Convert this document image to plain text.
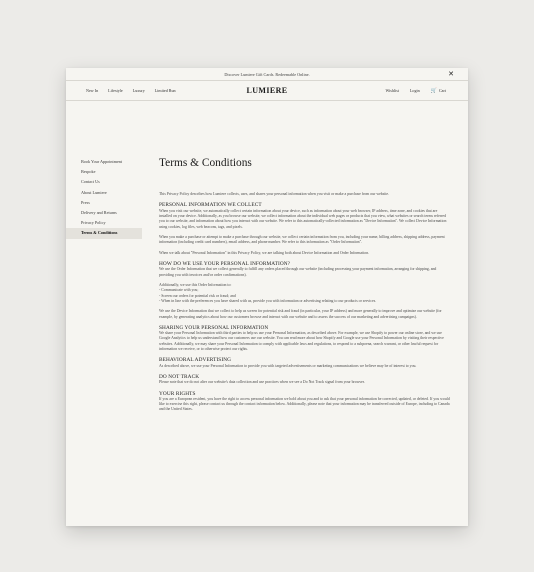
Discover Lumiere Gift Cards. Redeemable Online.	✕
New In Lifestyle Luxury Limited Run	LUMIERE	Wishlist	Login 🛒 Cart
Book Your Appointment
Bespoke
Contact Us
About Lumiere
Press
Delivery and Returns
Privacy Policy
Terms & Conditions
Terms & Conditions

This Privacy Policy describes how Lumiere collects, uses, and shares your personal information when you visit or make a purchase from our website.

PERSONAL INFORMATION WE COLLECT

When you visit our website, we automatically collect certain information about your device, such as information about your web browser, IP address, time zone, and cookies that are installed on your device. Additionally, as you browse our website, we collect information about the individual web pages or products that you view, what websites or search terms referred you to our website, and information about how you interact with our website. We refer to this automatically-collected information as "Device Information". We collect Device Information using cookies, log files, web beacons, tags, and pixels.

When you make a purchase or attempt to make a purchase through our website, we collect certain information from you, including your name, billing address, shipping address, payment information (including credit card numbers), email address, and phone number. We refer to this information as "Order Information".

When we talk about "Personal Information" in this Privacy Policy, we are talking both about Device Information and Order Information.

HOW DO WE USE YOUR PERSONAL INFORMATION?

We use the Order Information that we collect generally to fulfill any orders placed through our website (including processing your payment information, arranging for shipping, and providing you with invoices and/or order confirmations).

Additionally, we use this Order Information to:

- Communicate with you;

- Screen our orders for potential risk or fraud; and

- When in line with the preferences you have shared with us, provide you with information or advertising relating to our products or services.

We use the Device Information that we collect to help us screen for potential risk and fraud (in particular, your IP address) and more generally to improve and optimize our website (for example, by generating analytics about how our customers browse and interact with our website and to assess the success of our marketing and advertising campaigns).

SHARING YOUR PERSONAL INFORMATION

We share your Personal Information with third parties to help us use your Personal Information, as described above. For example, we use Shopify to power our online store, and we use Google Analytics to help us understand how our customers use our website. You can read more about how Shopify and Google use your Personal Information by visiting their respective websites. Additionally, we may share your Personal Information to comply with applicable laws and regulations, to respond to a subpoena, search warrant, or other lawful request for information we receive, or to otherwise protect our rights.

BEHAVIORAL ADVERTISING

As described above, we use your Personal Information to provide you with targeted advertisements or marketing communications we believe may be of interest to you.

DO NOT TRACK

Please note that we do not alter our website's data collection and use practices when we see a Do Not Track signal from your browser.

YOUR RIGHTS

If you are a European resident, you have the right to access personal information we hold about you and to ask that your personal information be corrected, updated, or deleted. If you would like to exercise this right, please contact us through the contact information below. Additionally, please note that your information may be transferred outside of Europe, including to Canada and the United States.
